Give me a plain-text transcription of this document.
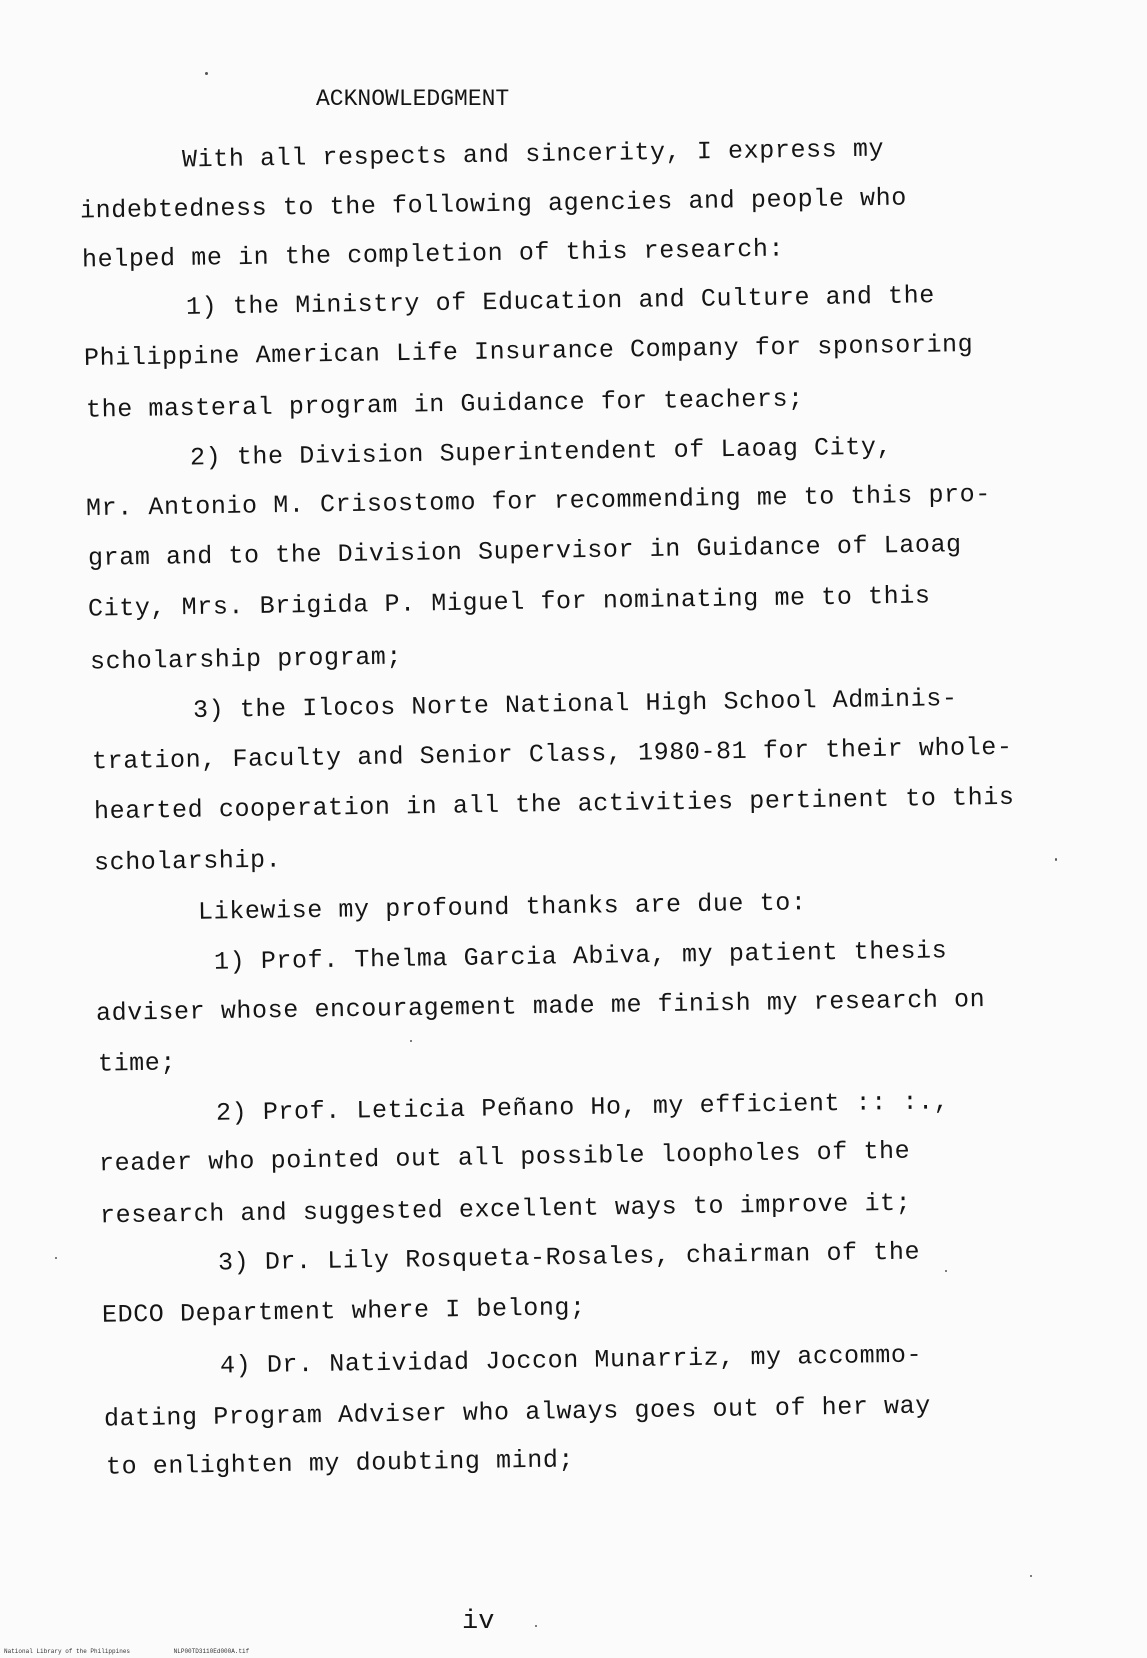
ACKNOWLEDGMENT
With all respects and sincerity, I express my
indebtedness to the following agencies and people who
helped me in the completion of this research:
1) the Ministry of Education and Culture and the
Philippine American Life Insurance Company for sponsoring
the masteral program in Guidance for teachers;
2) the Division Superintendent of Laoag City,
Mr. Antonio M. Crisostomo for recommending me to this pro-
gram and to the Division Supervisor in Guidance of Laoag
City, Mrs. Brigida P. Miguel for nominating me to this
scholarship program;
3) the Ilocos Norte National High School Adminis-
tration, Faculty and Senior Class, 1980-81 for their whole-
hearted cooperation in all the activities pertinent to this
scholarship.
Likewise my profound thanks are due to:
1) Prof. Thelma Garcia Abiva, my patient thesis
adviser whose encouragement made me finish my research on
time;
2) Prof. Leticia Peñano Ho, my efficient :: :.,
reader who pointed out all possible loopholes of the
research and suggested excellent ways to improve it;
3) Dr. Lily Rosqueta-Rosales, chairman of the
EDCO Department where I belong;
4) Dr. Natividad Joccon Munarriz, my accommo-
dating Program Adviser who always goes out of her way
to enlighten my doubting mind;
iv
National Library of the Philippines	NLP00TD3110Ed000A.tif
